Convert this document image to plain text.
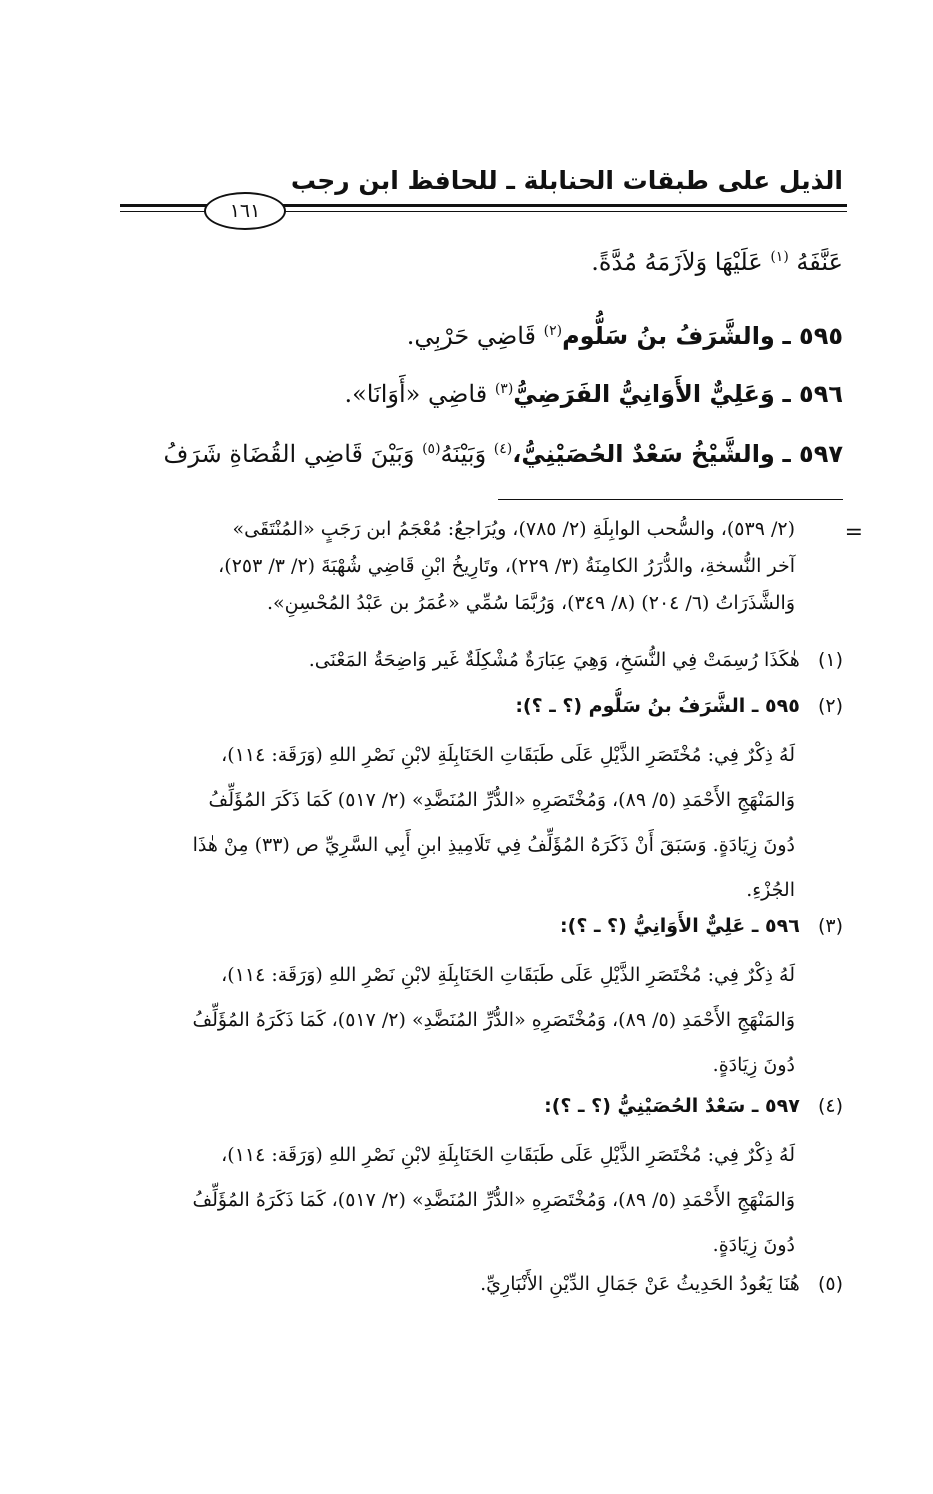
الذيل على طبقات الحنابلة ـ للحافظ ابن رجب
١٦١
عَنَّفَهُ $^{(١)}$ عَلَيْهَا وَلاَزَمَهُ مُدَّةً.
٥٩٥ ـ والشَّرَفُ بنُ سَلُّوم$^{(٢)}$ قَاضِي حَرْبِي.
٥٩٦ ـ وَعَلِيٌّ الأَوَانِيُّ الفَرَضِيُّ$^{(٣)}$ قاضِي «أَوَانَا».
٥٩٧ ـ والشَّيْخُ سَعْدٌ الحُصَيْنِيُّ،$^{(٤)}$ وَبَيْنَهُ$^{(٥)}$ وَبَيْنَ قَاضِي القُضَاةِ شَرَفُ
=
(٢/ ٥٣٩)، والسُّحب الوابِلَةِ (٢/ ٧٨٥)، ويُرَاجعُ: مُعْجَمُ ابن رَجَبٍ «المُنْتَقَى»
آخر النُّسخةِ، والدُّرَرُ الكامِنَةُ (٣/ ٢٢٩)، وتَارِيخُ ابْنِ قَاضِي شُهْبَةَ (٢/ ٣/ ٢٥٣)،
وَالشَّذَرَاتُ (٦/ ٢٠٤) (٨/ ٣٤٩)، وَرُبَّمَا سُمِّي «عُمَرُ بن عَبْدُ المُحْسِنِ».
(١)   هٰكَذَا رُسِمَتْ فِي النُّسَخِ، وَهِيَ عِبَارَةٌ مُشْكِلَةٌ غَير وَاضِحَةُ المَعْنَى.
(٢)   ٥٩٥ ـ الشَّرَفُ بنُ سَلُّوم (؟ ـ ؟):
لَهُ ذِكْرٌ فِي: مُخْتَصَرِ الذَّيْلِ عَلَى طَبَقَاتِ الحَنَابِلَةِ لابْنِ نَصْرِ اللهِ (وَرَقَة: ١١٤)،
وَالمَنْهَجِ الأَحْمَدِ (٥/ ٨٩)، وَمُخْتَصَرِهِ «الدُّرِّ المُنَضَّدِ» (٢/ ٥١٧) كَمَا ذَكَرَ المُؤَلِّفُ
دُونَ زِيَادَةٍ. وَسَبَقَ أَنْ ذَكَرَهُ المُؤَلِّفُ فِي تَلَامِيذِ ابنِ أَبِي السَّرِيِّ ص (٣٣) مِنْ هٰذَا
الجُزْءِ.
(٣)   ٥٩٦ ـ عَلِيٌّ الأَوَانِيُّ (؟ ـ ؟):
لَهُ ذِكْرٌ فِي: مُخْتَصَرِ الذَّيْلِ عَلَى طَبَقَاتِ الحَنَابِلَةِ لابْنِ نَصْرِ اللهِ (وَرَقَة: ١١٤)،
وَالمَنْهَجِ الأَحْمَدِ (٥/ ٨٩)، وَمُخْتَصَرِهِ «الدُّرِّ المُنَضَّدِ» (٢/ ٥١٧)، كَمَا ذَكَرَهُ المُؤَلِّفُ
دُونَ زِيَادَةٍ.
(٤)   ٥٩٧ ـ سَعْدٌ الحُصَيْنِيُّ (؟ ـ ؟):
لَهُ ذِكْرٌ فِي: مُخْتَصَرِ الذَّيْلِ عَلَى طَبَقَاتِ الحَنَابِلَةِ لابْنِ نَصْرِ اللهِ (وَرَقَة: ١١٤)،
وَالمَنْهَجِ الأَحْمَدِ (٥/ ٨٩)، وَمُخْتَصَرِهِ «الدُّرِّ المُنَضَّدِ» (٢/ ٥١٧)، كَمَا ذَكَرَهُ المُؤَلِّفُ
دُونَ زِيَادَةٍ.
(٥)   هُنَا يَعُودُ الحَدِيثُ عَنْ جَمَالِ الدِّيْنِ الأَنْبَارِيِّ.
